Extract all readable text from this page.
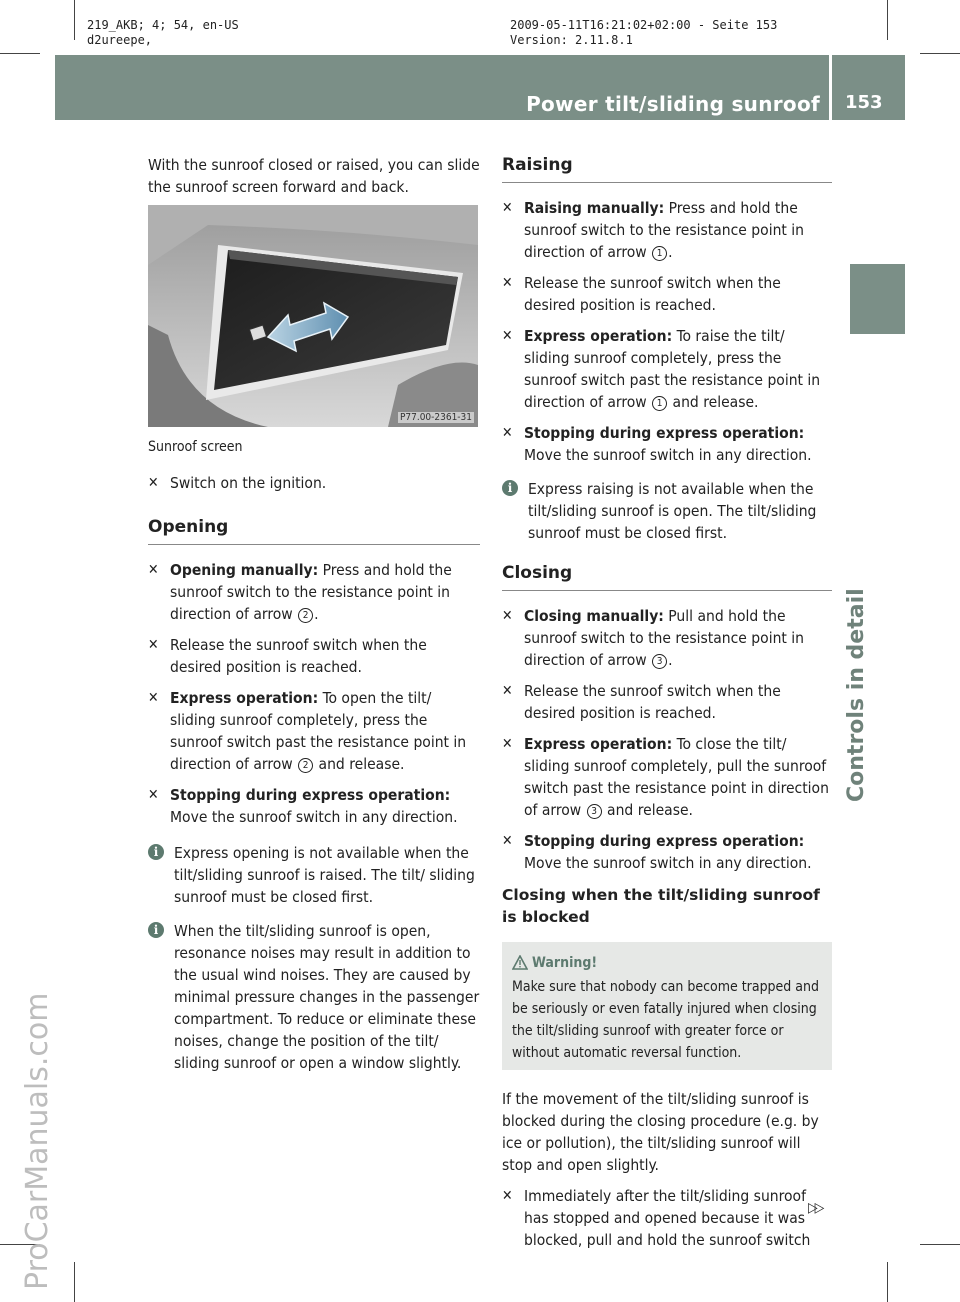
219_AKB; 4; 54, en-US
d2ureepe,
2009-05-11T16:21:02+02:00 - Seite 153
Version: 2.11.8.1
Power tilt/sliding sunroof 153
Controls in detail
ProCarManuals.com

With the sunroof closed or raised, you can slide the sunroof screen forward and back.

P77.00-2361-31

Sunroof screen

✕ Switch on the ignition.
Opening
✕ Opening manually: Press and hold the sunroof switch to the resistance point in direction of arrow 2 .
✕ Release the sunroof switch when the desired position is reached.
✕ Express operation: To open the tilt/ sliding sunroof completely, press the sunroof switch past the resistance point in direction of arrow 2 and release.
✕ Stopping during express operation: Move the sunroof switch in any direction.
i	Express opening is not available when the tilt/sliding sunroof is raised. The tilt/ sliding sunroof must be closed first.
i	When the tilt/sliding sunroof is open, resonance noises may result in addition to the usual wind noises. They are caused by minimal pressure changes in the passenger compartment. To reduce or eliminate these noises, change the position of the tilt/ sliding sunroof or open a window slightly.
Raising
✕ Raising manually: Press and hold the sunroof switch to the resistance point in direction of arrow 1 .
✕ Release the sunroof switch when the desired position is reached.
✕ Express operation: To raise the tilt/ sliding sunroof completely, press the sunroof switch past the resistance point in direction of arrow 1 and release.
✕ Stopping during express operation: Move the sunroof switch in any direction.
i	Express raising is not available when the tilt/sliding sunroof is open. The tilt/sliding sunroof must be closed first.
Closing
✕ Closing manually: Pull and hold the sunroof switch to the resistance point in direction of arrow 3 .
✕ Release the sunroof switch when the desired position is reached.
✕ Express operation: To close the tilt/ sliding sunroof completely, pull the sunroof switch past the resistance point in direction of arrow 3 and release.
✕ Stopping during express operation: Move the sunroof switch in any direction.
Closing when the tilt/sliding sunroof is blocked
Warning!
Make sure that nobody can become trapped and be seriously or even fatally injured when closing the tilt/sliding sunroof with greater force or without automatic reversal function.

If the movement of the tilt/sliding sunroof is blocked during the closing procedure (e.g. by ice or pollution), the tilt/sliding sunroof will stop and open slightly.

✕ Immediately after the tilt/sliding sunroof has stopped and opened because it was blocked, pull and hold the sunroof switch
▷▷
